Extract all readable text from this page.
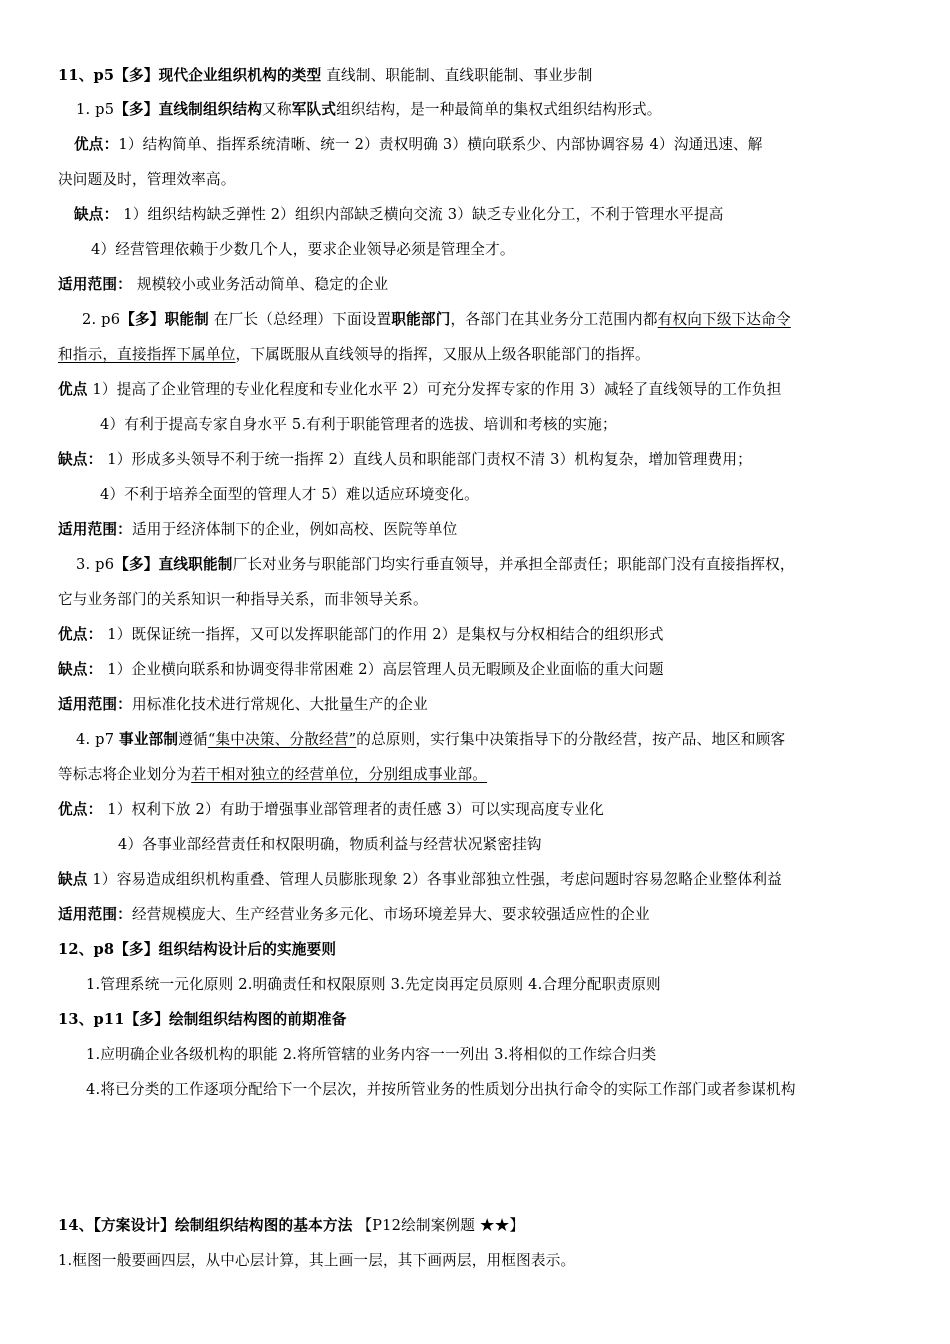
11、p5【多】现代企业组织机构的类型 直线制、职能制、直线职能制、事业步制
1. p5【多】直线制组织结构又称军队式组织结构，是一种最简单的集权式组织结构形式。
优点：1）结构简单、指挥系统清晰、统一 2）责权明确 3）横向联系少、内部协调容易 4）沟通迅速、解
决问题及时，管理效率高。
缺点： 1）组织结构缺乏弹性 2）组织内部缺乏横向交流 3）缺乏专业化分工，不利于管理水平提高
4）经营管理依赖于少数几个人，要求企业领导必须是管理全才。
适用范围： 规模较小或业务活动简单、稳定的企业
2. p6【多】职能制 在厂长（总经理）下面设置职能部门，各部门在其业务分工范围内都有权向下级下达命令
和指示，直接指挥下属单位，下属既服从直线领导的指挥，又服从上级各职能部门的指挥。
优点 1）提高了企业管理的专业化程度和专业化水平 2）可充分发挥专家的作用 3）减轻了直线领导的工作负担
4）有利于提高专家自身水平 5.有利于职能管理者的选拔、培训和考核的实施；
缺点： 1）形成多头领导不利于统一指挥 2）直线人员和职能部门责权不清 3）机构复杂，增加管理费用；
4）不利于培养全面型的管理人才 5）难以适应环境变化。
适用范围：适用于经济体制下的企业，例如高校、医院等单位
3. p6【多】直线职能制厂长对业务与职能部门均实行垂直领导，并承担全部责任；职能部门没有直接指挥权，
它与业务部门的关系知识一种指导关系，而非领导关系。
优点： 1）既保证统一指挥，又可以发挥职能部门的作用 2）是集权与分权相结合的组织形式
缺点： 1）企业横向联系和协调变得非常困难 2）高层管理人员无暇顾及企业面临的重大问题
适用范围：用标准化技术进行常规化、大批量生产的企业
4. p7 事业部制遵循“集中决策、分散经营”的总原则，实行集中决策指导下的分散经营，按产品、地区和顾客
等标志将企业划分为若干相对独立的经营单位，分别组成事业部。
优点： 1）权利下放 2）有助于增强事业部管理者的责任感 3）可以实现高度专业化
4）各事业部经营责任和权限明确，物质利益与经营状况紧密挂钩
缺点 1）容易造成组织机构重叠、管理人员膨胀现象 2）各事业部独立性强，考虑问题时容易忽略企业整体利益
适用范围：经营规模庞大、生产经营业务多元化、市场环境差异大、要求较强适应性的企业
12、p8【多】组织结构设计后的实施要则
1.管理系统一元化原则 2.明确责任和权限原则 3.先定岗再定员原则 4.合理分配职责原则
13、p11【多】绘制组织结构图的前期准备
1.应明确企业各级机构的职能 2.将所管辖的业务内容一一列出 3.将相似的工作综合归类
4.将已分类的工作逐项分配给下一个层次，并按所管业务的性质划分出执行命令的实际工作部门或者参谋机构
14、【方案设计】绘制组织结构图的基本方法 【P12绘制案例题 ★★】
1.框图一般要画四层，从中心层计算，其上画一层，其下画两层，用框图表示。
